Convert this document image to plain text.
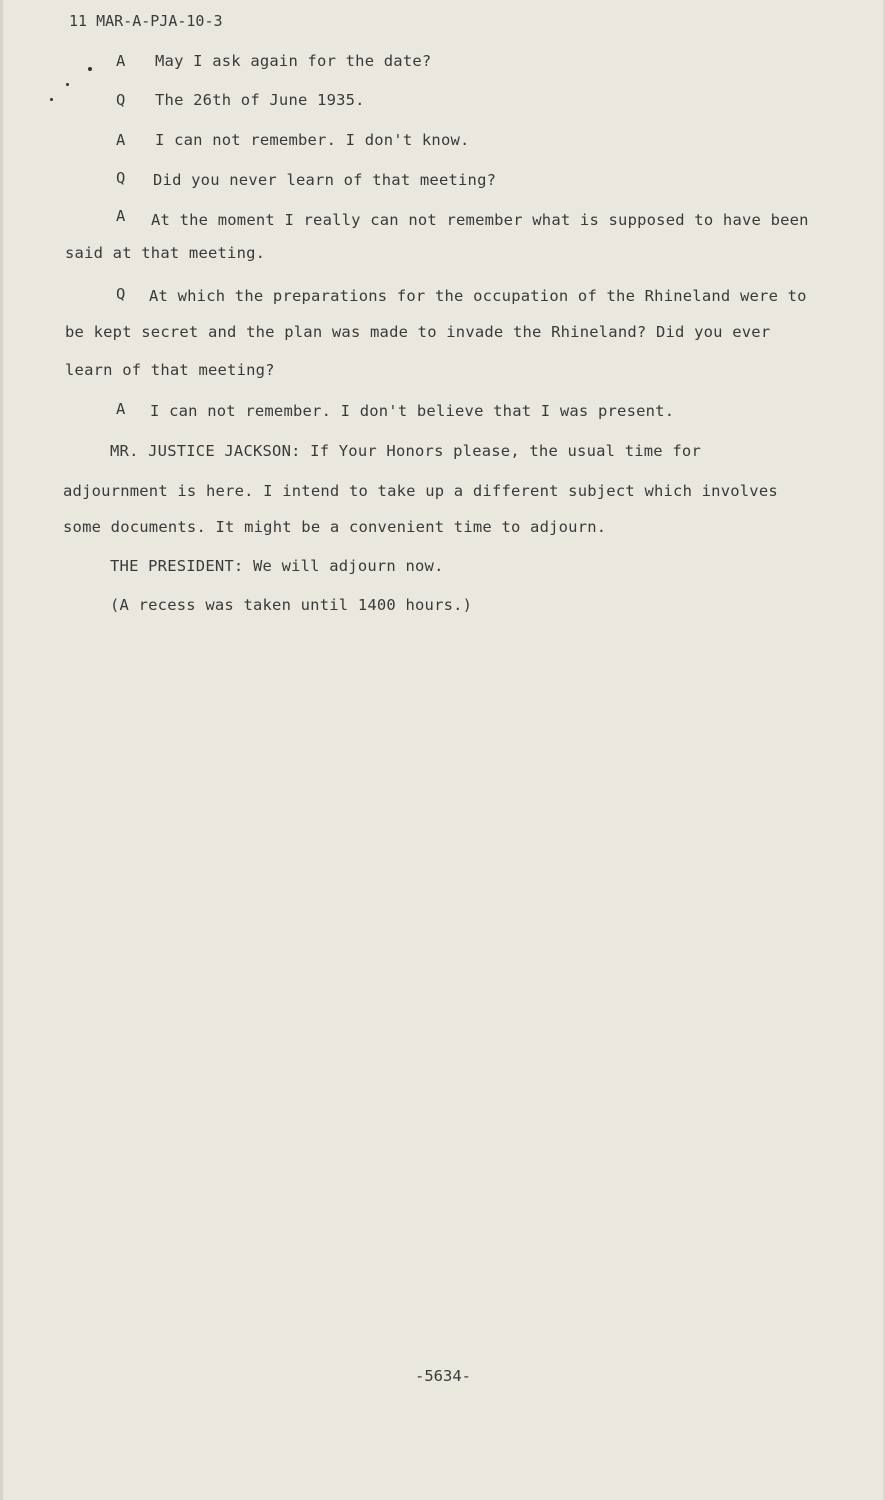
11 MAR-A-PJA-10-3
A May I ask again for the date?
Q The 26th of June 1935.
A I can not remember. I don't know.
Q Did you never learn of that meeting?
A At the moment I really can not remember what is supposed to have been
said at that meeting.
Q At which the preparations for the occupation of the Rhineland were to
be kept secret and the plan was made to invade the Rhineland? Did you ever
learn of that meeting?
A I can not remember. I don't believe that I was present.
MR. JUSTICE JACKSON: If Your Honors please, the usual time for
adjournment is here. I intend to take up a different subject which involves
some documents. It might be a convenient time to adjourn.
THE PRESIDENT: We will adjourn now.
(A recess was taken until 1400 hours.)
-5634-
